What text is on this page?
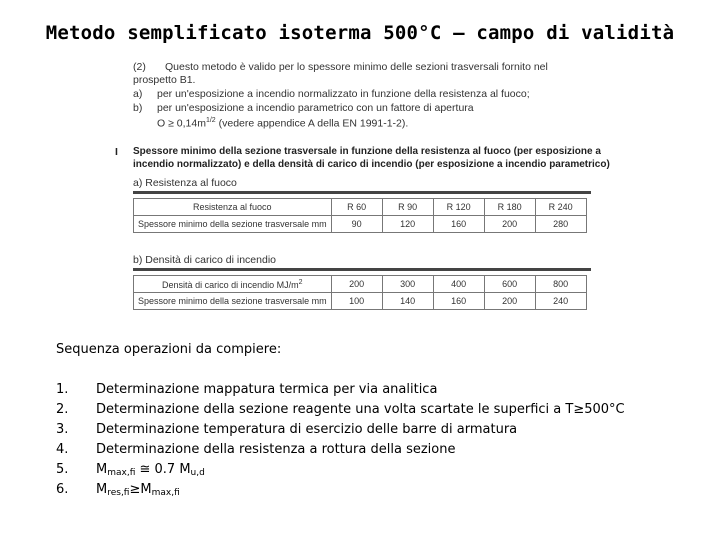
Metodo semplificato isoterma 500°C – campo di validità
(2) Questo metodo è valido per lo spessore minimo delle sezioni trasversali fornito nel
prospetto B1.
a) per un'esposizione a incendio normalizzato in funzione della resistenza al fuoco;
b) per un'esposizione a incendio parametrico con un fattore di apertura
$O \ge 0,14m^{1/2}$ (vedere appendice A della EN 1991-1-2).
I Spessore minimo della sezione trasversale in funzione della resistenza al fuoco (per esposizione a
incendio normalizzato) e della densità di carico di incendio (per esposizione a incendio parametrico)
a) Resistenza al fuoco
Resistenza al fuoco	R 60	R 90	R 120	R 180	R 240
Spessore minimo della sezione trasversale mm	90	120	160	200	280
b) Densità di carico di incendio
Densità di carico di incendio $MJ/m^2$	200	300	400	600	800
Spessore minimo della sezione trasversale mm	100	140	160	200	240
Sequenza operazioni da compiere:
1. Determinazione mappatura termica per via analitica
2. Determinazione della sezione reagente una volta scartate le superfici a T≥500°C
3. Determinazione temperatura di esercizio delle barre di armatura
4. Determinazione della resistenza a rottura della sezione
5. $M_{max,fi}$ ≅ 0.7 $M_{u,d}$
6. $M_{res,fi}\ge M_{max,fi}$
